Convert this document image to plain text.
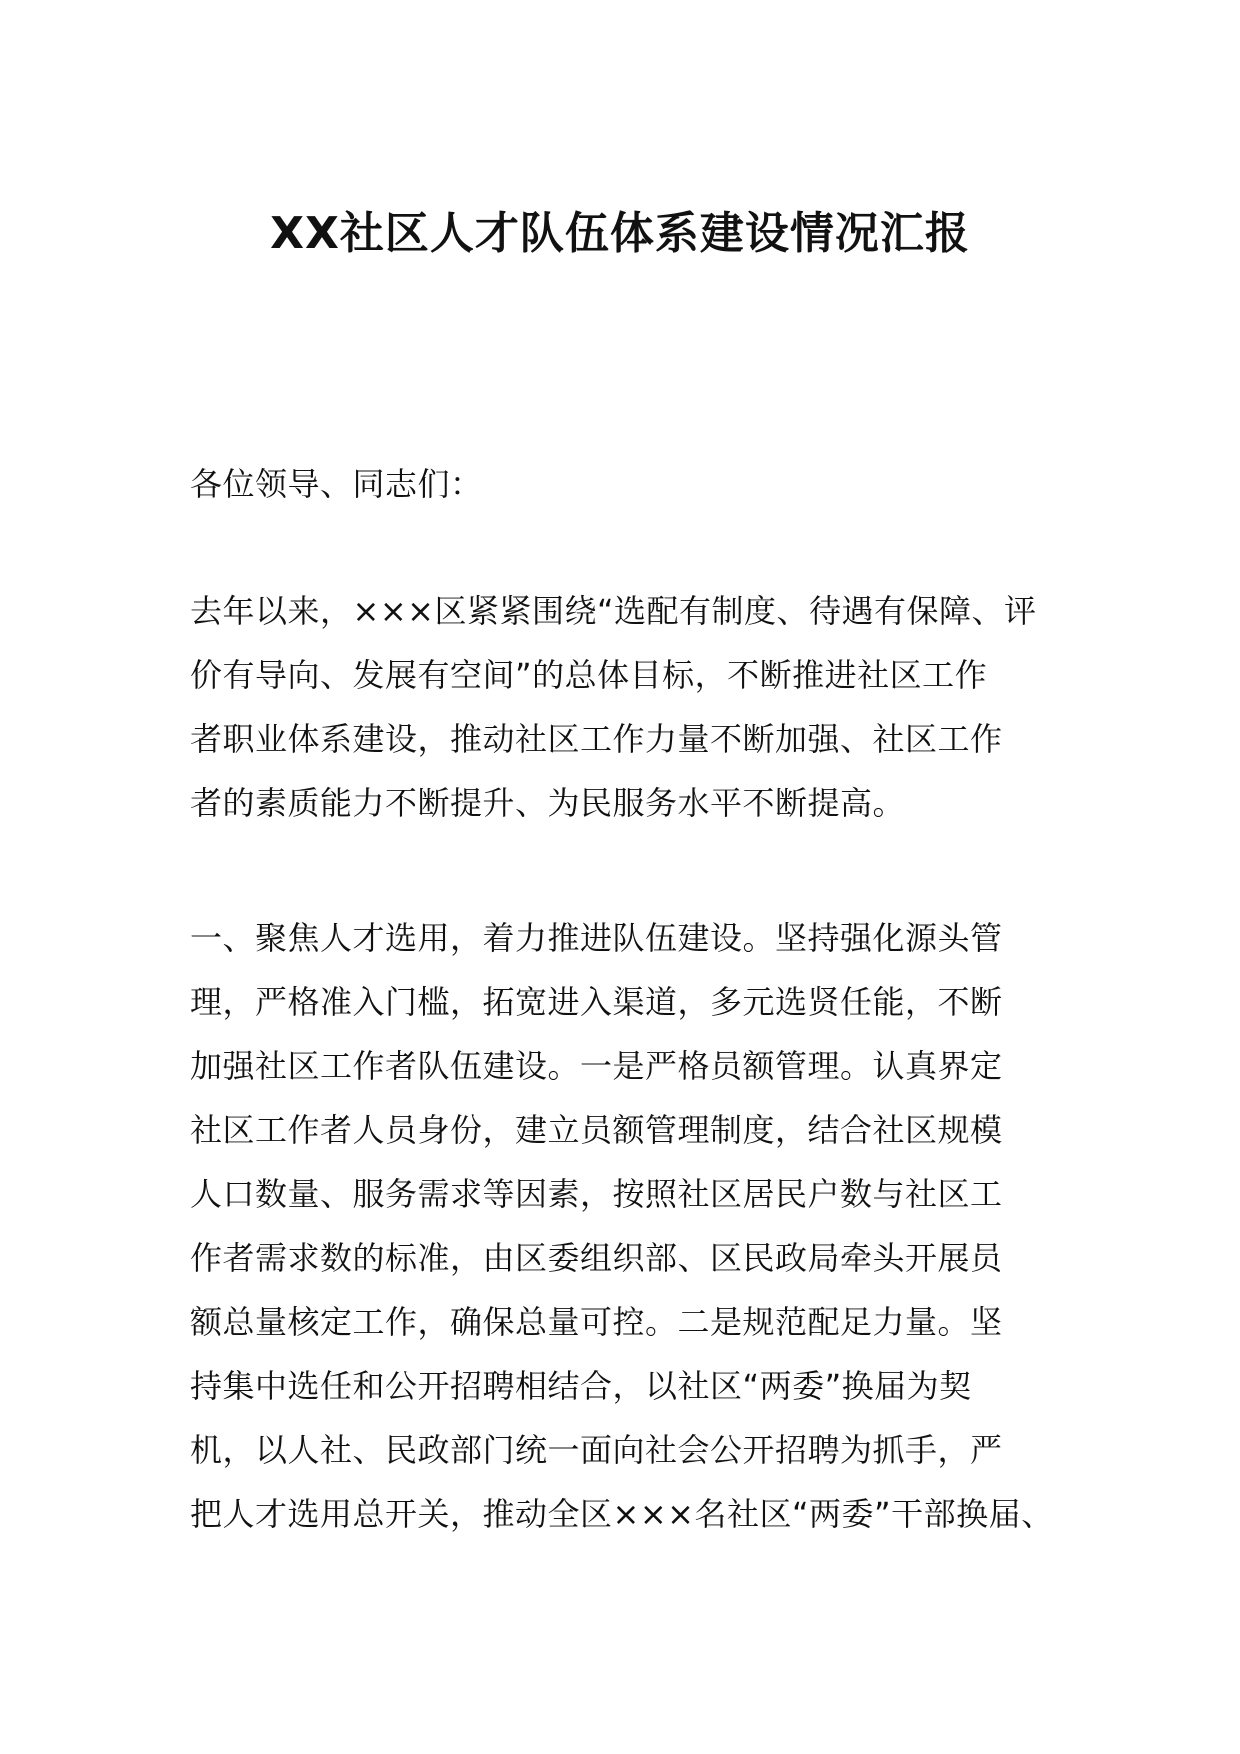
XX社区人才队伍体系建设情况汇报
各位领导、同志们：
去年以来，×××区紧紧围绕“选配有制度、待遇有保障、评
价有导向、发展有空间”的总体目标，不断推进社区工作
者职业体系建设，推动社区工作力量不断加强、社区工作
者的素质能力不断提升、为民服务水平不断提高。
一、聚焦人才选用，着力推进队伍建设。坚持强化源头管
理，严格准入门槛，拓宽进入渠道，多元选贤任能，不断
加强社区工作者队伍建设。一是严格员额管理。认真界定
社区工作者人员身份，建立员额管理制度，结合社区规模
人口数量、服务需求等因素，按照社区居民户数与社区工
作者需求数的标准，由区委组织部、区民政局牵头开展员
额总量核定工作，确保总量可控。二是规范配足力量。坚
持集中选任和公开招聘相结合，以社区“两委”换届为契
机，以人社、民政部门统一面向社会公开招聘为抓手，严
把人才选用总开关，推动全区×××名社区“两委”干部换届、
